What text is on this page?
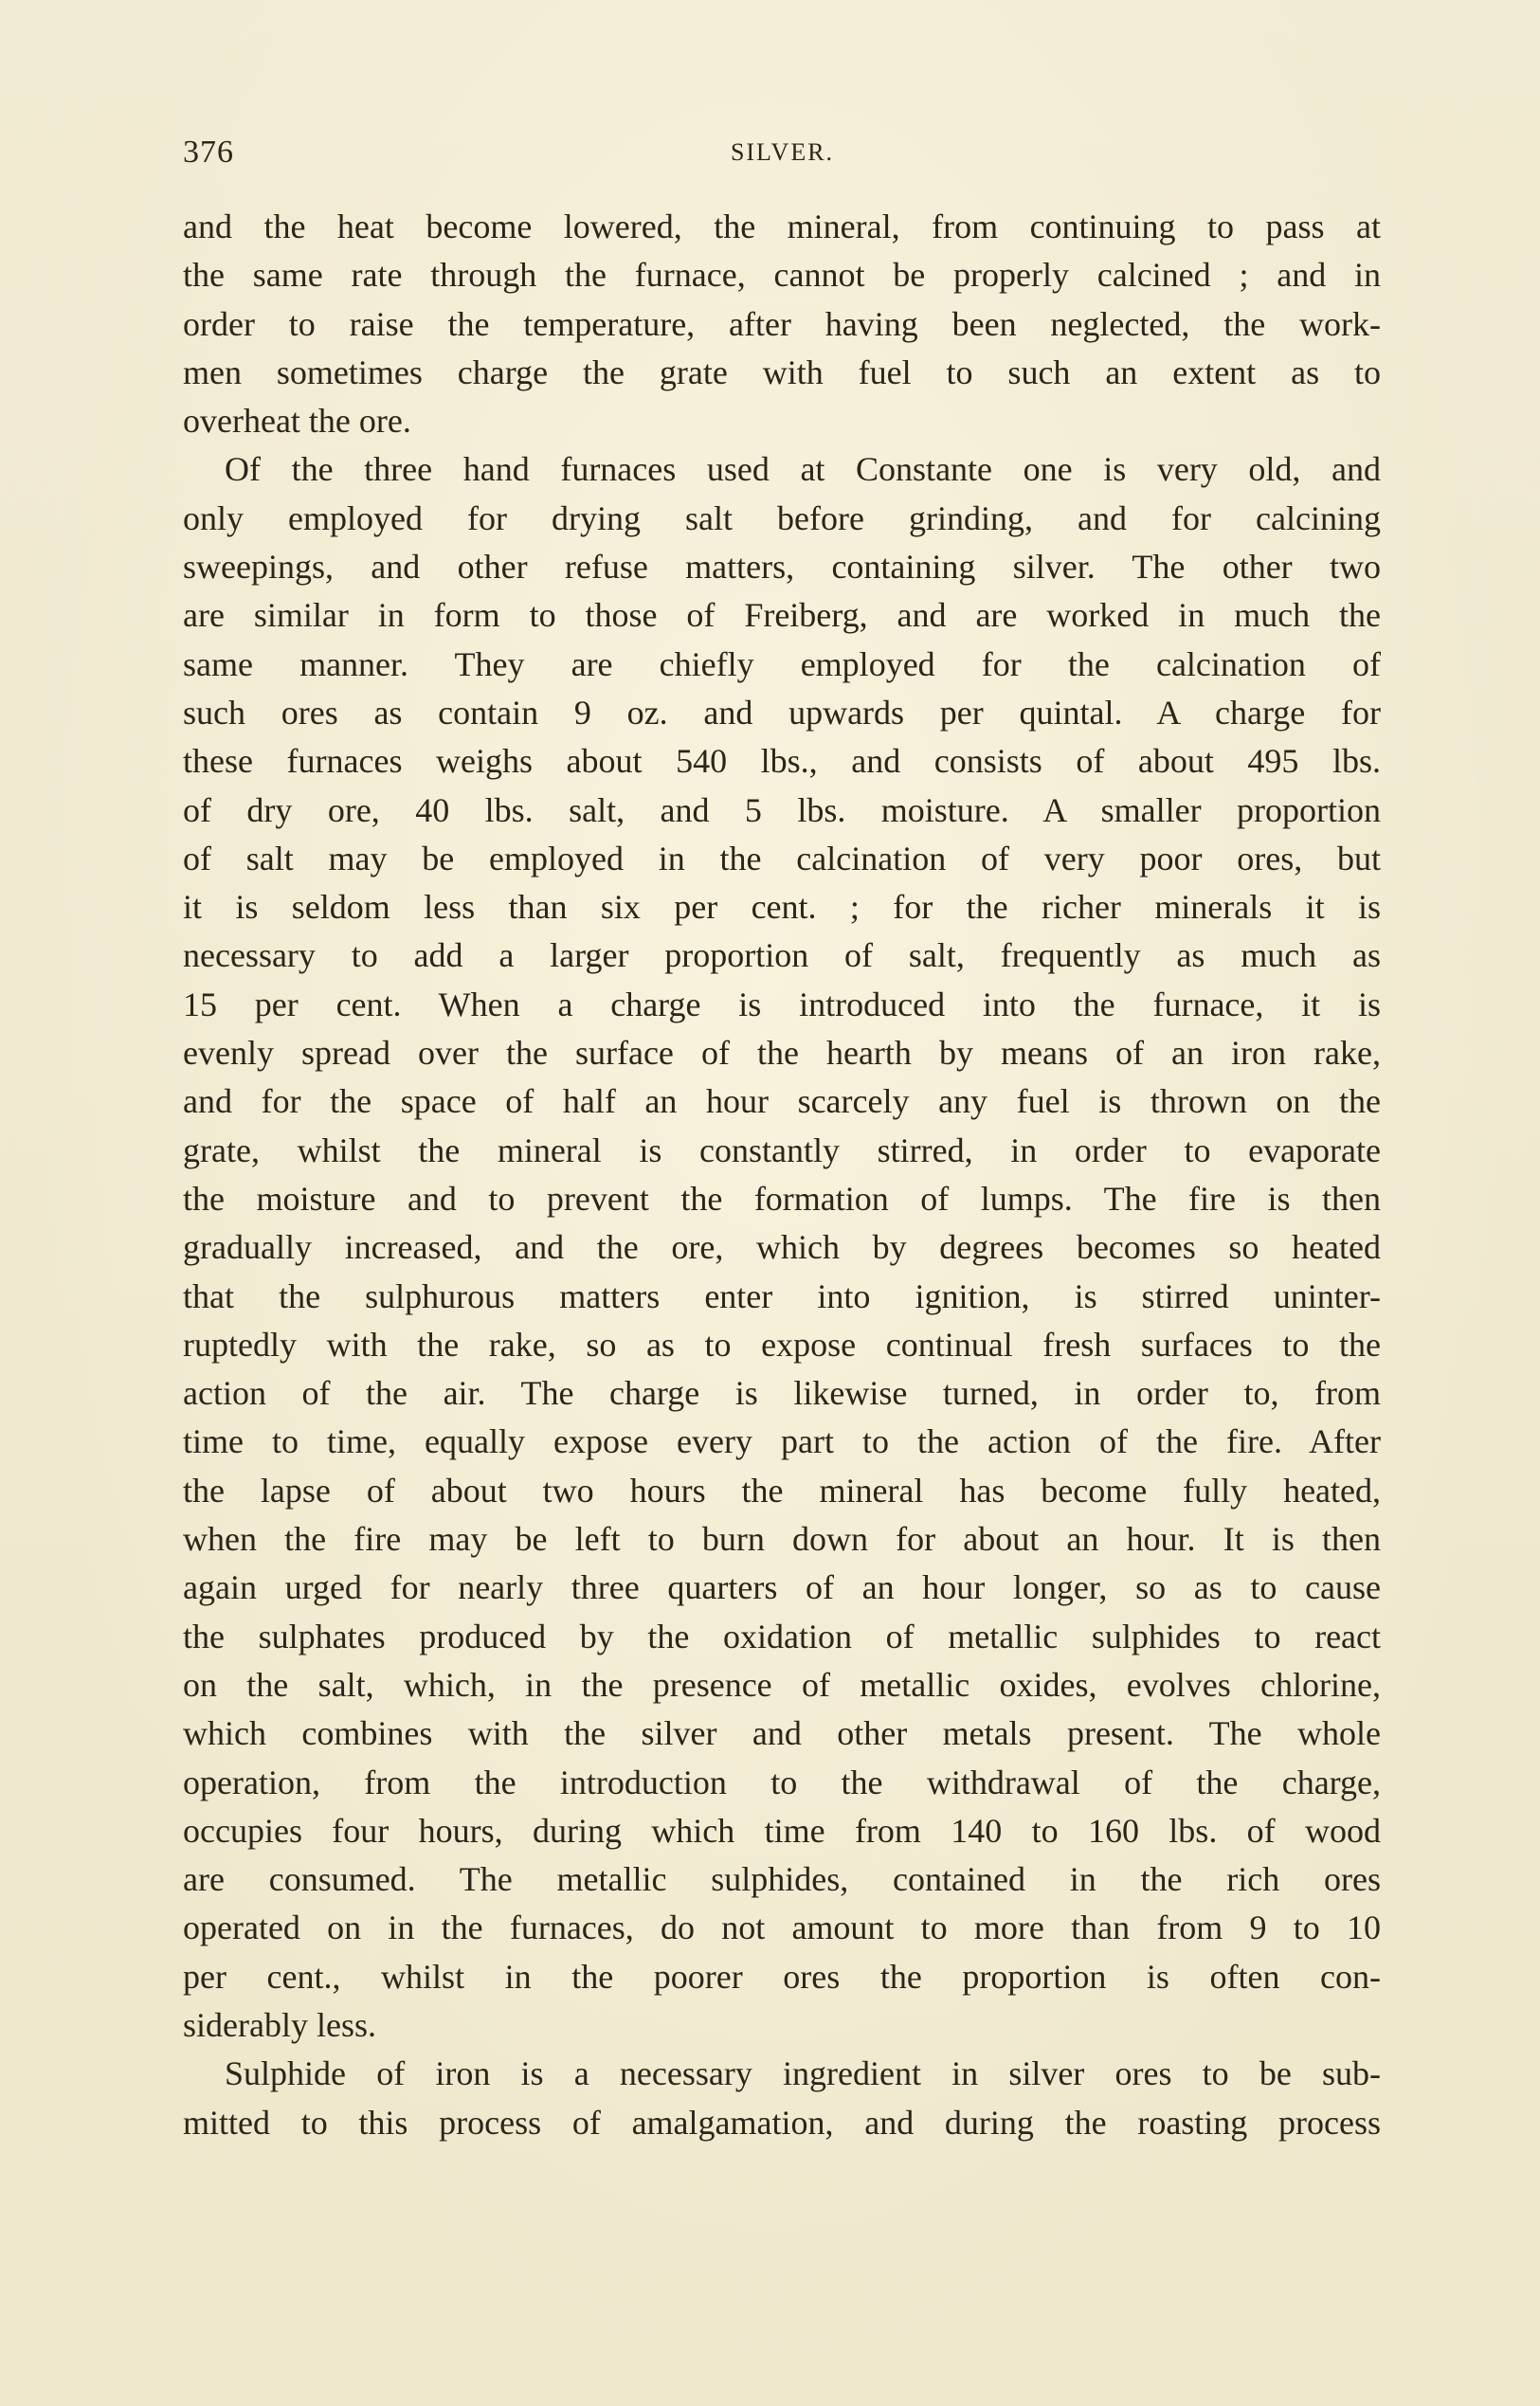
376	SILVER.
and the heat become lowered, the mineral, from continuing to pass at
the same rate through the furnace, cannot be properly calcined ; and in
order to raise the temperature, after having been neglected, the work-
men sometimes charge the grate with fuel to such an extent as to
overheat the ore.
Of the three hand furnaces used at Constante one is very old, and
only employed for drying salt before grinding, and for calcining
sweepings, and other refuse matters, containing silver. The other two
are similar in form to those of Freiberg, and are worked in much the
same manner. They are chiefly employed for the calcination of
such ores as contain 9 oz. and upwards per quintal. A charge for
these furnaces weighs about 540 lbs., and consists of about 495 lbs.
of dry ore, 40 lbs. salt, and 5 lbs. moisture. A smaller proportion
of salt may be employed in the calcination of very poor ores, but
it is seldom less than six per cent. ; for the richer minerals it is
necessary to add a larger proportion of salt, frequently as much as
15 per cent. When a charge is introduced into the furnace, it is
evenly spread over the surface of the hearth by means of an iron rake,
and for the space of half an hour scarcely any fuel is thrown on the
grate, whilst the mineral is constantly stirred, in order to evaporate
the moisture and to prevent the formation of lumps. The fire is then
gradually increased, and the ore, which by degrees becomes so heated
that the sulphurous matters enter into ignition, is stirred uninter-
ruptedly with the rake, so as to expose continual fresh surfaces to the
action of the air. The charge is likewise turned, in order to, from
time to time, equally expose every part to the action of the fire. After
the lapse of about two hours the mineral has become fully heated,
when the fire may be left to burn down for about an hour. It is then
again urged for nearly three quarters of an hour longer, so as to cause
the sulphates produced by the oxidation of metallic sulphides to react
on the salt, which, in the presence of metallic oxides, evolves chlorine,
which combines with the silver and other metals present. The whole
operation, from the introduction to the withdrawal of the charge,
occupies four hours, during which time from 140 to 160 lbs. of wood
are consumed. The metallic sulphides, contained in the rich ores
operated on in the furnaces, do not amount to more than from 9 to 10
per cent., whilst in the poorer ores the proportion is often con-
siderably less.
Sulphide of iron is a necessary ingredient in silver ores to be sub-
mitted to this process of amalgamation, and during the roasting process
